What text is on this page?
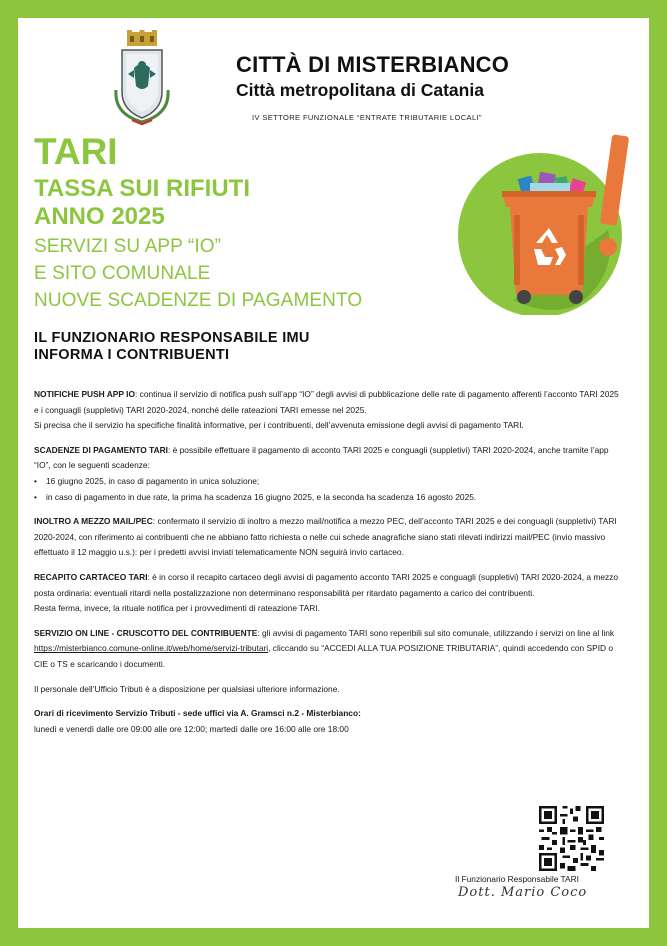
CITTÀ DI MISTERBIANCO
Città metropolitana di Catania
IV SETTORE FUNZIONALE “ENTRATE TRIBUTARIE LOCALI”
TARI
TASSA SUI RIFIUTI
ANNO 2025
SERVIZI SU APP “IO”
E SITO COMUNALE
NUOVE SCADENZE DI PAGAMENTO
IL FUNZIONARIO RESPONSABILE IMU
INFORMA I CONTRIBUENTI

NOTIFICHE PUSH APP IO: continua il servizio di notifica push sull’app “IO” degli avvisi di pubblicazione delle rate di pagamento afferenti l’acconto TARI 2025 e i conguagli (suppletivi) TARI 2020-2024, nonché delle rateazioni TARI emesse nel 2025.

Si precisa che il servizio ha specifiche finalità informative, per i contribuenti, dell’avvenuta emissione degli avvisi di pagamento TARI.

SCADENZE DI PAGAMENTO TARI: è possibile effettuare il pagamento di acconto TARI 2025 e conguagli (suppletivi) TARI 2020-2024, anche tramite l’app “IO”, con le seguenti scadenze:

• 16 giugno 2025, in caso di pagamento in unica soluzione;
• in caso di pagamento in due rate, la prima ha scadenza 16 giugno 2025, e la seconda ha scadenza 16 agosto 2025.

INOLTRO A MEZZO MAIL/PEC: confermato il servizio di inoltro a mezzo mail/notifica a mezzo PEC, dell’acconto TARI 2025 e dei conguagli (suppletivi) TARI 2020-2024, con riferimento ai contribuenti che ne abbiano fatto richiesta o nelle cui schede anagrafiche siano stati rilevati indirizzi mail/PEC (invio massivo effettuato il 12 maggio u.s.): per i predetti avvisi inviati telematicamente NON seguirà invio cartaceo.

RECAPITO CARTACEO TARI: è in corso il recapito cartaceo degli avvisi di pagamento acconto TARI 2025 e conguagli (suppletivi) TARI 2020-2024, a mezzo posta ordinaria: eventuali ritardi nella postalizzazione non determinano responsabilità per ritardato pagamento a carico dei contribuenti.

Resta ferma, invece, la rituale notifica per i provvedimenti di rateazione TARI.

SERVIZIO ON LINE - CRUSCOTTO DEL CONTRIBUENTE: gli avvisi di pagamento TARI sono reperibili sul sito comunale, utilizzando i servizi on line al link https://misterbianco.comune-online.it/web/home/servizi-tributari, cliccando su “ACCEDI ALLA TUA POSIZIONE TRIBUTARIA”, quindi accedendo con SPID o CIE o TS e scaricando i documenti.

Il personale dell’Ufficio Tributi è a disposizione per qualsiasi ulteriore informazione.

Orari di ricevimento Servizio Tributi - sede uffici via A. Gramsci n.2 - Misterbianco:

lunedì e venerdì dalle ore 09:00 alle ore 12:00; martedì dalle ore 16:00 alle ore 18:00

Il Funzionario Responsabile TARI
Dott. Mario Coco
